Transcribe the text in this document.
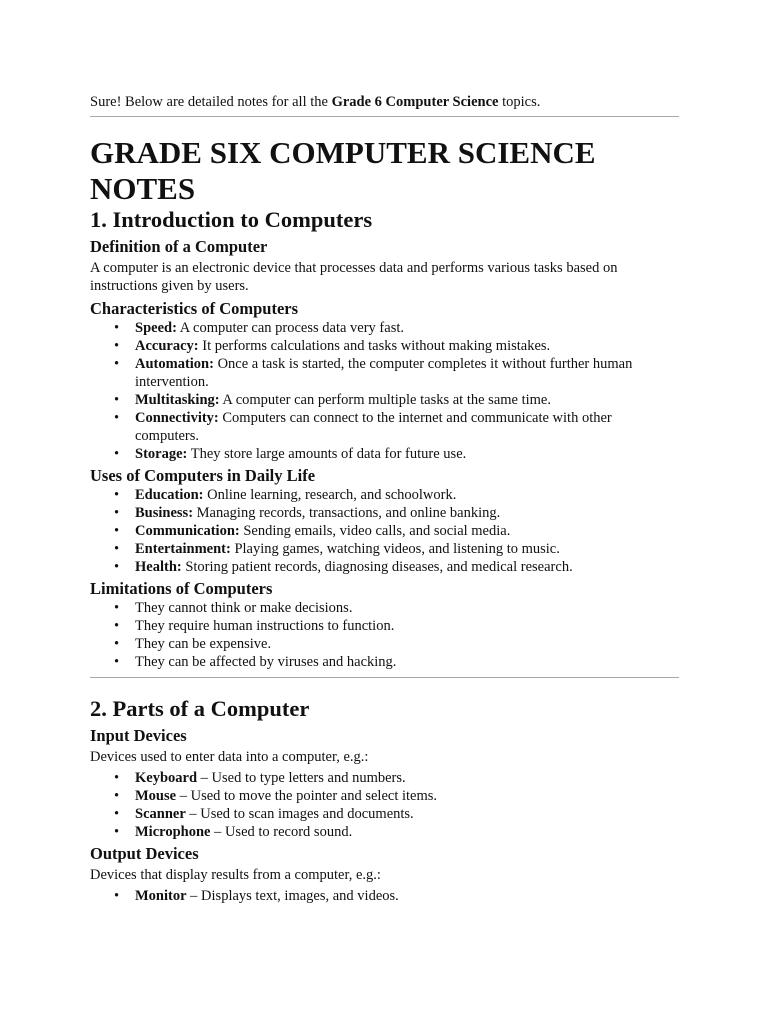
Sure! Below are detailed notes for all the Grade 6 Computer Science topics.

GRADE SIX COMPUTER SCIENCE NOTES
1. Introduction to Computers
Definition of a Computer

A computer is an electronic device that processes data and performs various tasks based on instructions given by users.

Characteristics of Computers
• Speed: A computer can process data very fast.
• Accuracy: It performs calculations and tasks without making mistakes.
• Automation: Once a task is started, the computer completes it without further human intervention.
• Multitasking: A computer can perform multiple tasks at the same time.
• Connectivity: Computers can connect to the internet and communicate with other computers.
• Storage: They store large amounts of data for future use.
Uses of Computers in Daily Life
• Education: Online learning, research, and schoolwork.
• Business: Managing records, transactions, and online banking.
• Communication: Sending emails, video calls, and social media.
• Entertainment: Playing games, watching videos, and listening to music.
• Health: Storing patient records, diagnosing diseases, and medical research.
Limitations of Computers
• They cannot think or make decisions.
• They require human instructions to function.
• They can be expensive.
• They can be affected by viruses and hacking.
2. Parts of a Computer
Input Devices

Devices used to enter data into a computer, e.g.:

• Keyboard – Used to type letters and numbers.
• Mouse – Used to move the pointer and select items.
• Scanner – Used to scan images and documents.
• Microphone – Used to record sound.
Output Devices

Devices that display results from a computer, e.g.:

• Monitor – Displays text, images, and videos.
